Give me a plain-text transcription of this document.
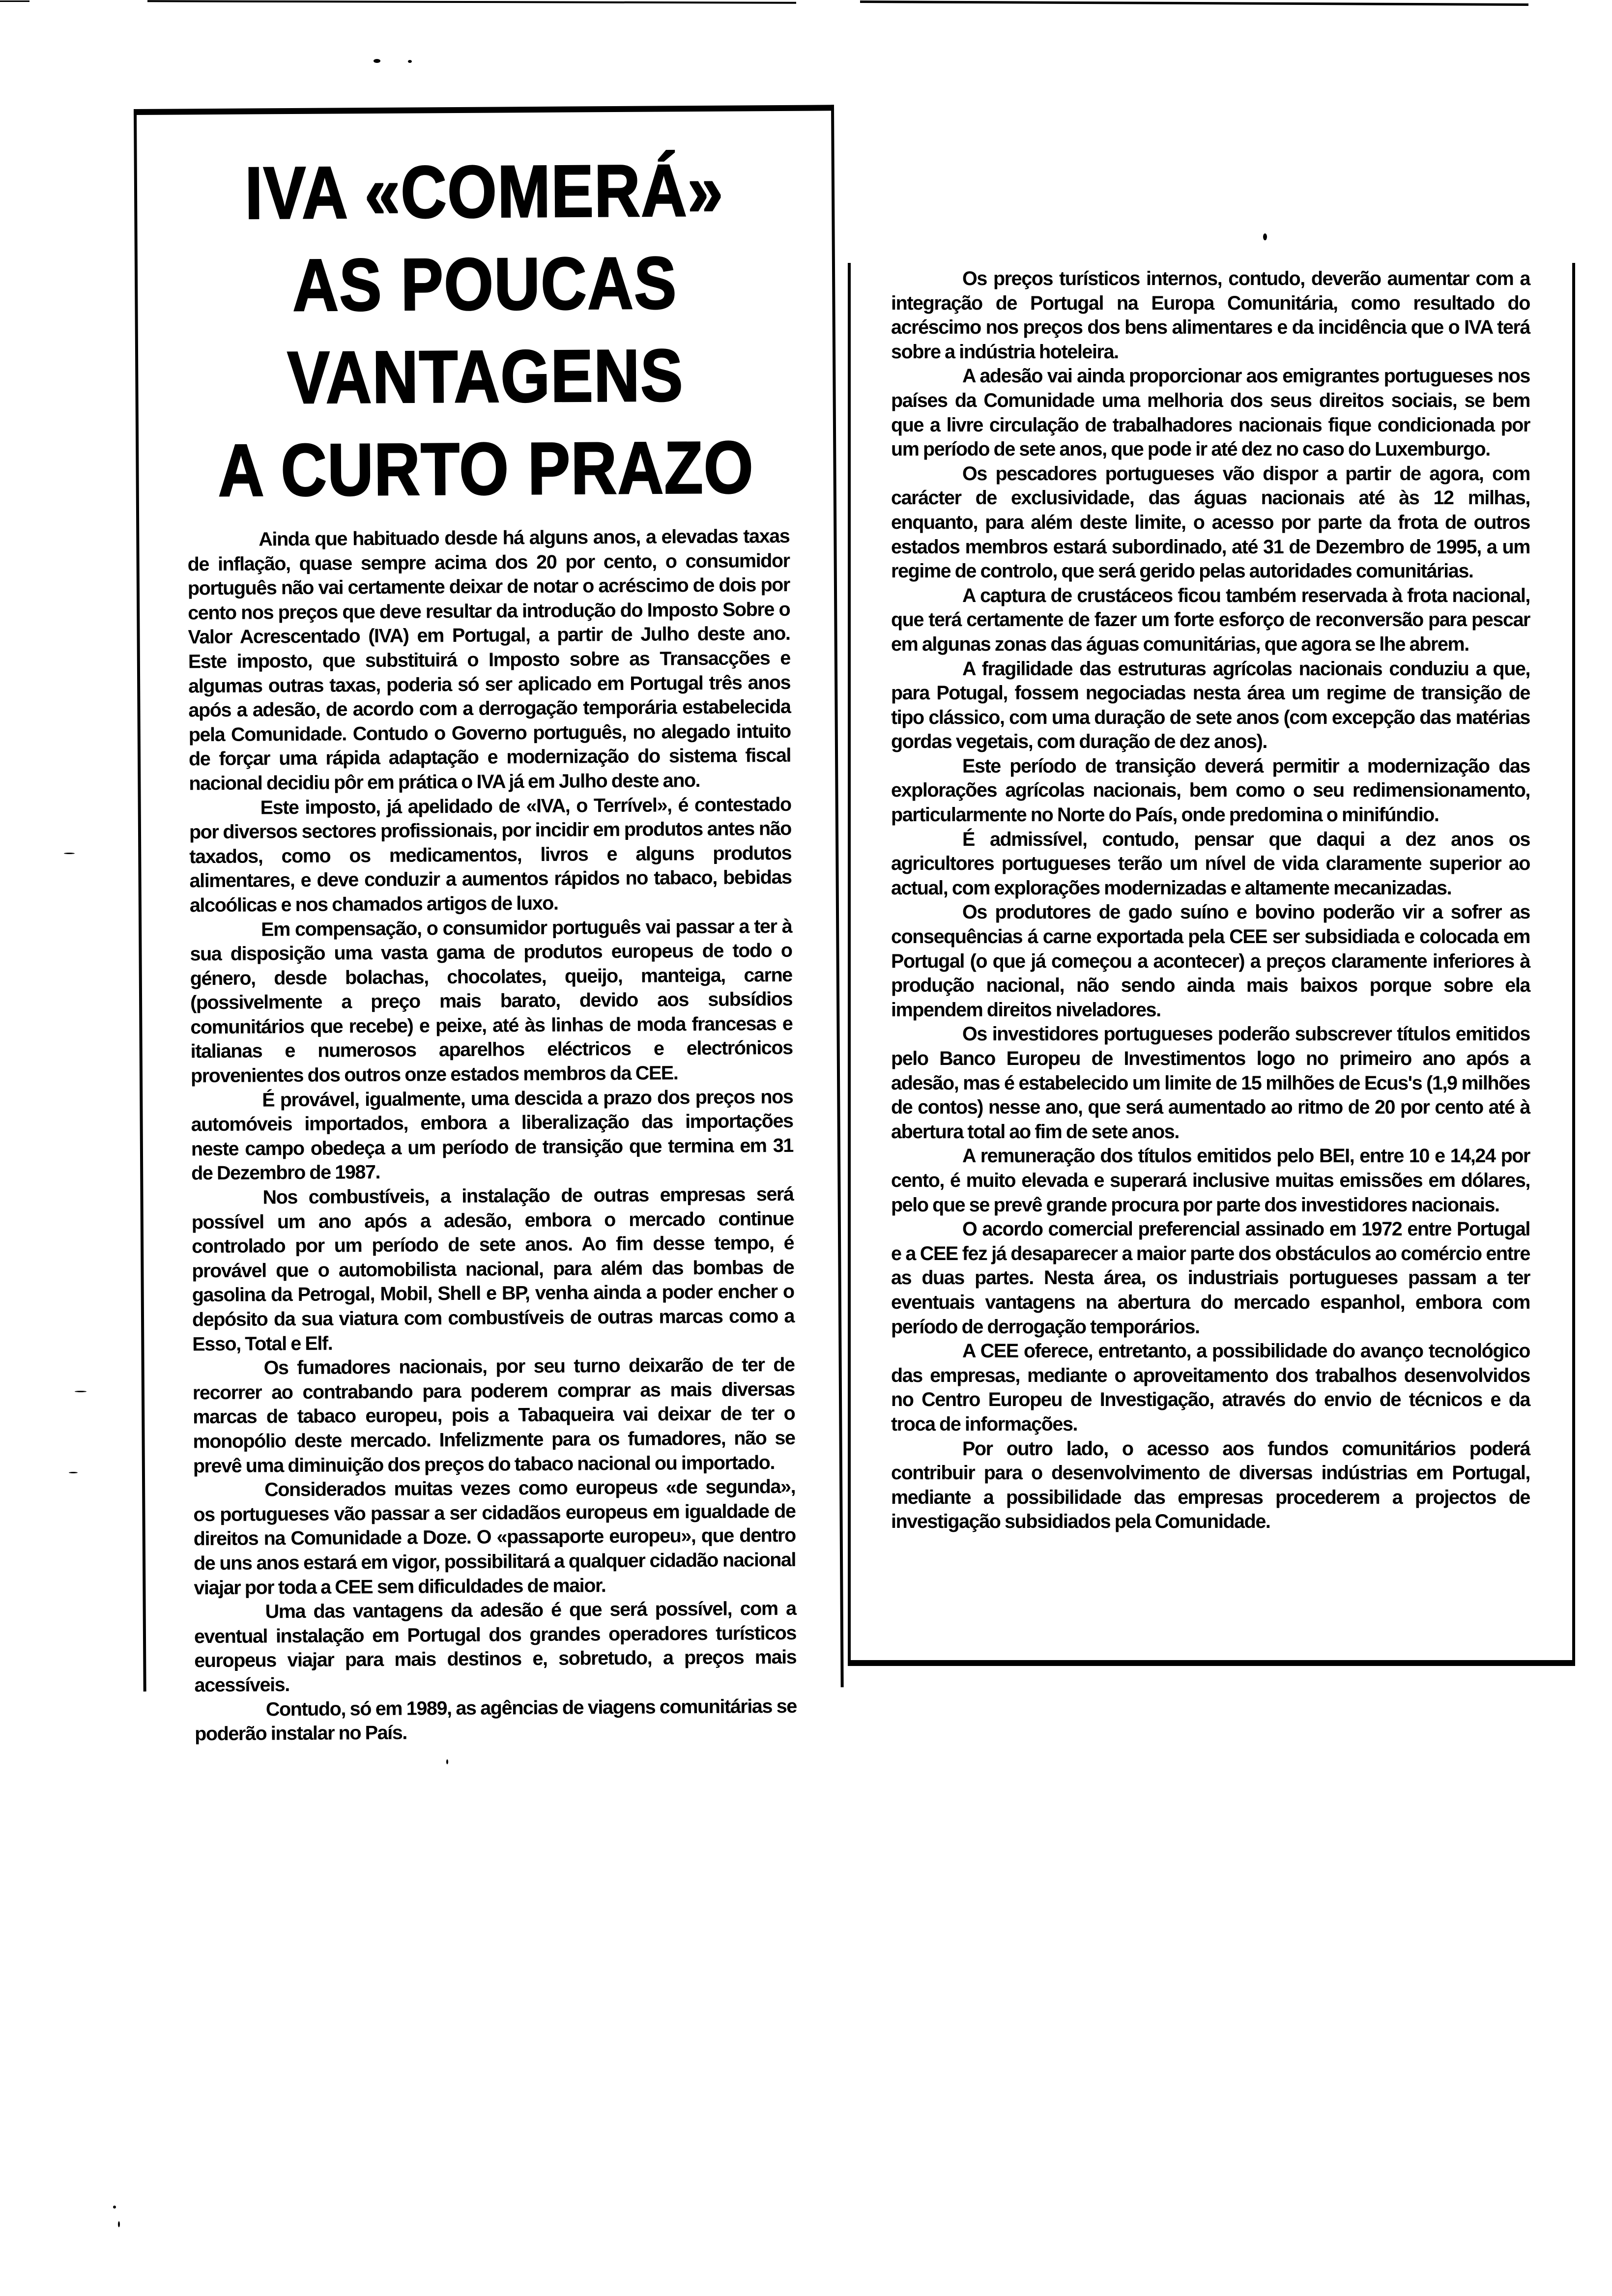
IVA «COMERÁ»
AS POUCAS
VANTAGENS
A CURTO PRAZO

Ainda que habituado desde há alguns anos, a elevadas taxas de inflação, quase sempre acima dos 20 por cento, o consumidor português não vai certamente deixar de notar o acréscimo de dois por cento nos preços que deve resultar da introdução do Imposto Sobre o Valor Acrescentado (IVA) em Portugal, a partir de Julho deste ano. Este imposto, que substituirá o Imposto sobre as Transacções e algumas outras taxas, poderia só ser aplicado em Portugal três anos após a adesão, de acordo com a derrogação temporária estabelecida pela Comunidade. Contudo o Governo português, no alegado intuito de forçar uma rápida adaptação e modernização do sistema fiscal nacional decidiu pôr em prática o IVA já em Julho deste ano.

Este imposto, já apelidado de «IVA, o Terrível», é contestado por diversos sectores profissionais, por incidir em produtos antes não taxados, como os medicamentos, livros e alguns produtos alimentares, e deve conduzir a aumentos rápidos no tabaco, bebidas alcoólicas e nos chamados artigos de luxo.

Em compensação, o consumidor português vai passar a ter à sua disposição uma vasta gama de produtos europeus de todo o género, desde bolachas, chocolates, queijo, manteiga, carne (possivelmente a preço mais barato, devido aos subsídios comunitários que recebe) e peixe, até às linhas de moda francesas e italianas e numerosos aparelhos eléctricos e electrónicos provenientes dos outros onze estados membros da CEE.

É provável, igualmente, uma descida a prazo dos preços nos automóveis importados, embora a liberalização das importações neste campo obedeça a um período de transição que termina em 31 de Dezembro de 1987.

Nos combustíveis, a instalação de outras empresas será possível um ano após a adesão, embora o mercado continue controlado por um período de sete anos. Ao fim desse tempo, é provável que o automobilista nacional, para além das bombas de gasolina da Petrogal, Mobil, Shell e BP, venha ainda a poder encher o depósito da sua viatura com combustíveis de outras marcas como a Esso, Total e Elf.

Os fumadores nacionais, por seu turno deixarão de ter de recorrer ao contrabando para poderem comprar as mais diversas marcas de tabaco europeu, pois a Tabaqueira vai deixar de ter o monopólio deste mercado. Infelizmente para os fumadores, não se prevê uma diminuição dos preços do tabaco nacional ou importado.

Considerados muitas vezes como europeus «de segunda», os portugueses vão passar a ser cidadãos europeus em igualdade de direitos na Comunidade a Doze. O «passaporte europeu», que dentro de uns anos estará em vigor, possibilitará a qualquer cidadão nacional viajar por toda a CEE sem dificuldades de maior.

Uma das vantagens da adesão é que será possível, com a eventual instalação em Portugal dos grandes operadores turísticos europeus viajar para mais destinos e, sobretudo, a preços mais acessíveis.

Contudo, só em 1989, as agências de viagens comunitárias se poderão instalar no País.

Os preços turísticos internos, contudo, deverão aumentar com a integração de Portugal na Europa Comunitária, como resultado do acréscimo nos preços dos bens alimentares e da incidência que o IVA terá sobre a indústria hoteleira.

A adesão vai ainda proporcionar aos emigrantes portugueses nos países da Comunidade uma melhoria dos seus direitos sociais, se bem que a livre circulação de trabalhadores nacionais fique condicionada por um período de sete anos, que pode ir até dez no caso do Luxemburgo.

Os pescadores portugueses vão dispor a partir de agora, com carácter de exclusividade, das águas nacionais até às 12 milhas, enquanto, para além deste limite, o acesso por parte da frota de outros estados membros estará subordinado, até 31 de Dezembro de 1995, a um regime de controlo, que será gerido pelas autoridades comunitárias.

A captura de crustáceos ficou também reservada à frota nacional, que terá certamente de fazer um forte esforço de reconversão para pescar em algunas zonas das águas comunitárias, que agora se lhe abrem.

A fragilidade das estruturas agrícolas nacionais conduziu a que, para Potugal, fossem negociadas nesta área um regime de transição de tipo clássico, com uma duração de sete anos (com excepção das matérias gordas vegetais, com duração de dez anos).

Este período de transição deverá permitir a modernização das explorações agrícolas nacionais, bem como o seu redimensionamento, particularmente no Norte do País, onde predomina o minifúndio.

É admissível, contudo, pensar que daqui a dez anos os agricultores portugueses terão um nível de vida claramente superior ao actual, com explorações modernizadas e altamente mecanizadas.

Os produtores de gado suíno e bovino poderão vir a sofrer as consequências á carne exportada pela CEE ser subsidiada e colocada em Portugal (o que já começou a acontecer) a preços claramente inferiores à produção nacional, não sendo ainda mais baixos porque sobre ela impendem direitos niveladores.

Os investidores portugueses poderão subscrever títulos emitidos pelo Banco Europeu de Investimentos logo no primeiro ano após a adesão, mas é estabelecido um limite de 15 milhões de Ecus's (1,9 milhões de contos) nesse ano, que será aumentado ao ritmo de 20 por cento até à abertura total ao fim de sete anos.

A remuneração dos títulos emitidos pelo BEI, entre 10 e 14,24 por cento, é muito elevada e superará inclusive muitas emissões em dólares, pelo que se prevê grande procura por parte dos investidores nacionais.

O acordo comercial preferencial assinado em 1972 entre Portugal e a CEE fez já desaparecer a maior parte dos obstáculos ao comércio entre as duas partes. Nesta área, os industriais portugueses passam a ter eventuais vantagens na abertura do mercado espanhol, embora com período de derrogação temporários.

A CEE oferece, entretanto, a possibilidade do avanço tecnológico das empresas, mediante o aproveitamento dos trabalhos desenvolvidos no Centro Europeu de Investigação, através do envio de técnicos e da troca de informações.

Por outro lado, o acesso aos fundos comunitários poderá contribuir para o desenvolvimento de diversas indústrias em Portugal, mediante a possibilidade das empresas procederem a projectos de investigação subsidiados pela Comunidade.
